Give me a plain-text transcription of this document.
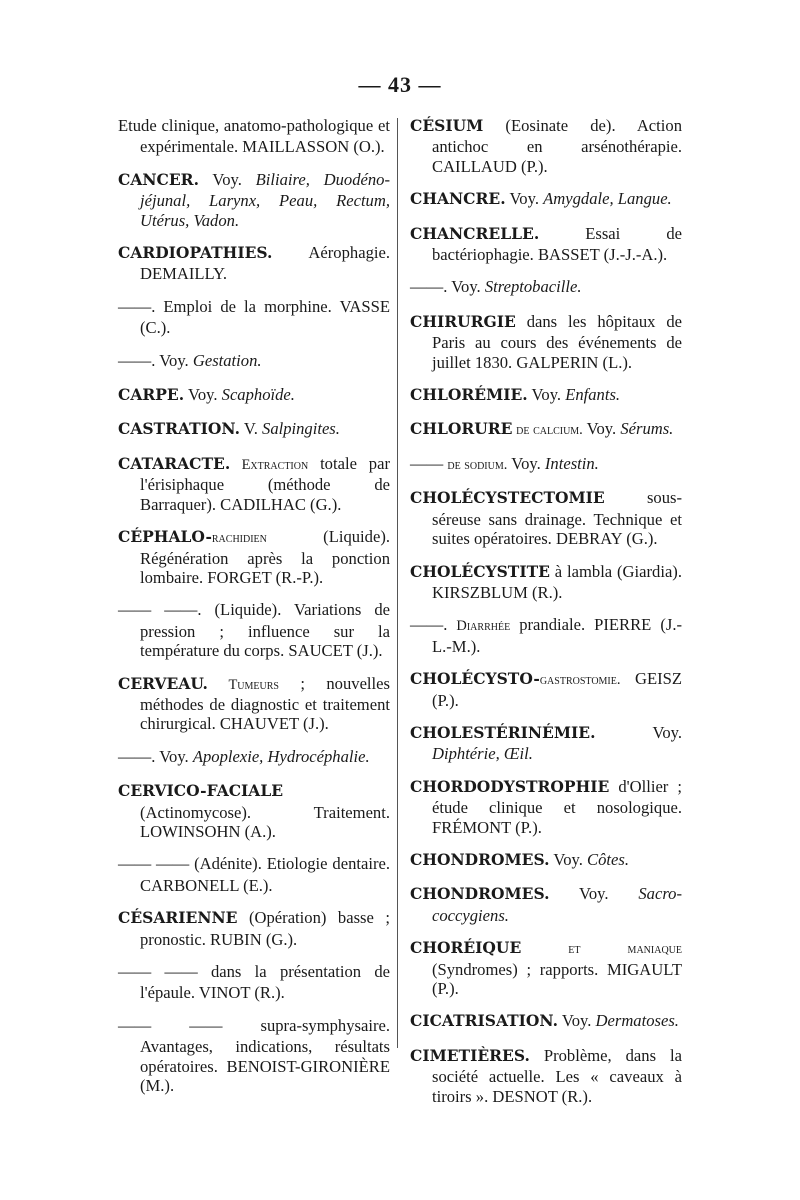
— 43 —

Etude clinique, anatomo-pathologique et expérimentale. MAILLASSON (O.).

CANCER. Voy. Biliaire, Duodéno-jéjunal, Larynx, Peau, Rectum, Utérus, Vadon.

CARDIOPATHIES. Aérophagie. DEMAILLY.

——. Emploi de la morphine. VASSE (C.).

——. Voy. Gestation.

CARPE. Voy. Scaphoïde.

CASTRATION. V. Salpingites.

CATARACTE. Extraction totale par l'érisiphaque (méthode de Barraquer). CADILHAC (G.).

CÉPHALO-rachidien (Liquide). Régénération après la ponction lombaire. FORGET (R.-P.).

—— ——. (Liquide). Variations de pression ; influence sur la température du corps. SAUCET (J.).

CERVEAU. Tumeurs ; nouvelles méthodes de diagnostic et traitement chirurgical. CHAUVET (J.).

——. Voy. Apoplexie, Hydrocéphalie.

CERVICO-FACIALE (Actinomycose). Traitement. LOWINSOHN (A.).

—— —— (Adénite). Etiologie dentaire. CARBONELL (E.).

CÉSARIENNE (Opération) basse ; pronostic. RUBIN (G.).

—— —— dans la présentation de l'épaule. VINOT (R.).

—— —— supra-symphysaire. Avantages, indications, résultats opératoires. BENOIST-GIRONIÈRE (M.).

CÉSIUM (Eosinate de). Action antichoc en arsénothérapie. CAILLAUD (P.).

CHANCRE. Voy. Amygdale, Langue.

CHANCRELLE. Essai de bactériophagie. BASSET (J.-J.-A.).

——. Voy. Streptobacille.

CHIRURGIE dans les hôpitaux de Paris au cours des événements de juillet 1830. GALPERIN (L.).

CHLORÉMIE. Voy. Enfants.

CHLORURE de calcium. Voy. Sérums.

—— de sodium. Voy. Intestin.

CHOLÉCYSTECTOMIE sous-séreuse sans drainage. Technique et suites opératoires. DEBRAY (G.).

CHOLÉCYSTITE à lambla (Giardia). KIRSZBLUM (R.).

——. Diarrhée prandiale. PIERRE (J.-L.-M.).

CHOLÉCYSTO-gastrostomie. GEISZ (P.).

CHOLESTÉRINÉMIE. Voy. Diphtérie, Œil.

CHORDODYSTROPHIE d'Ollier ; étude clinique et nosologique. FRÉMONT (P.).

CHONDROMES. Voy. Côtes.

CHONDROMES. Voy. Sacro-coccygiens.

CHORÉIQUE et maniaque (Syndromes) ; rapports. MIGAULT (P.).

CICATRISATION. Voy. Dermatoses.

CIMETIÈRES. Problème, dans la société actuelle. Les « caveaux à tiroirs ». DESNOT (R.).
